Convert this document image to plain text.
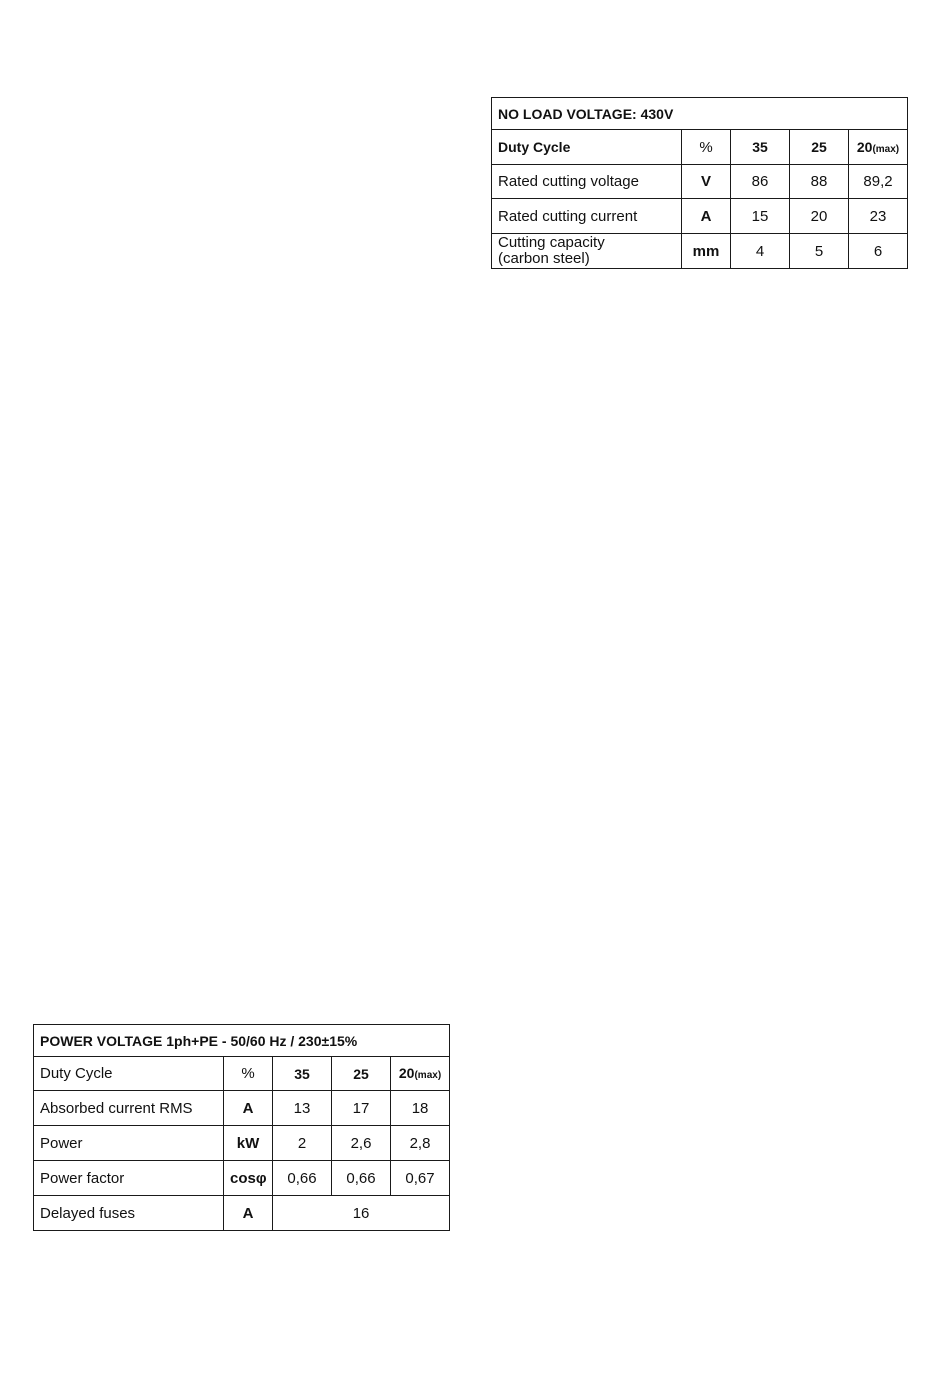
NO LOAD VOLTAGE: 430V				
Duty Cycle	%	35	25	20(max)
Rated cutting voltage	V	86	88	89,2
Rated cutting current	A	15	20	23

Cutting capacity
(carbon steel)	mm	4	5	6
POWER VOLTAGE 1ph+PE - 50/60 Hz / 230±15%				
Duty Cycle	%	35	25	20(max)
Absorbed current RMS	A	13	17	18
Power	kW	2	2,6	2,8
Power factor	cosφ	0,66	0,66	0,67
Delayed fuses	A	16		
